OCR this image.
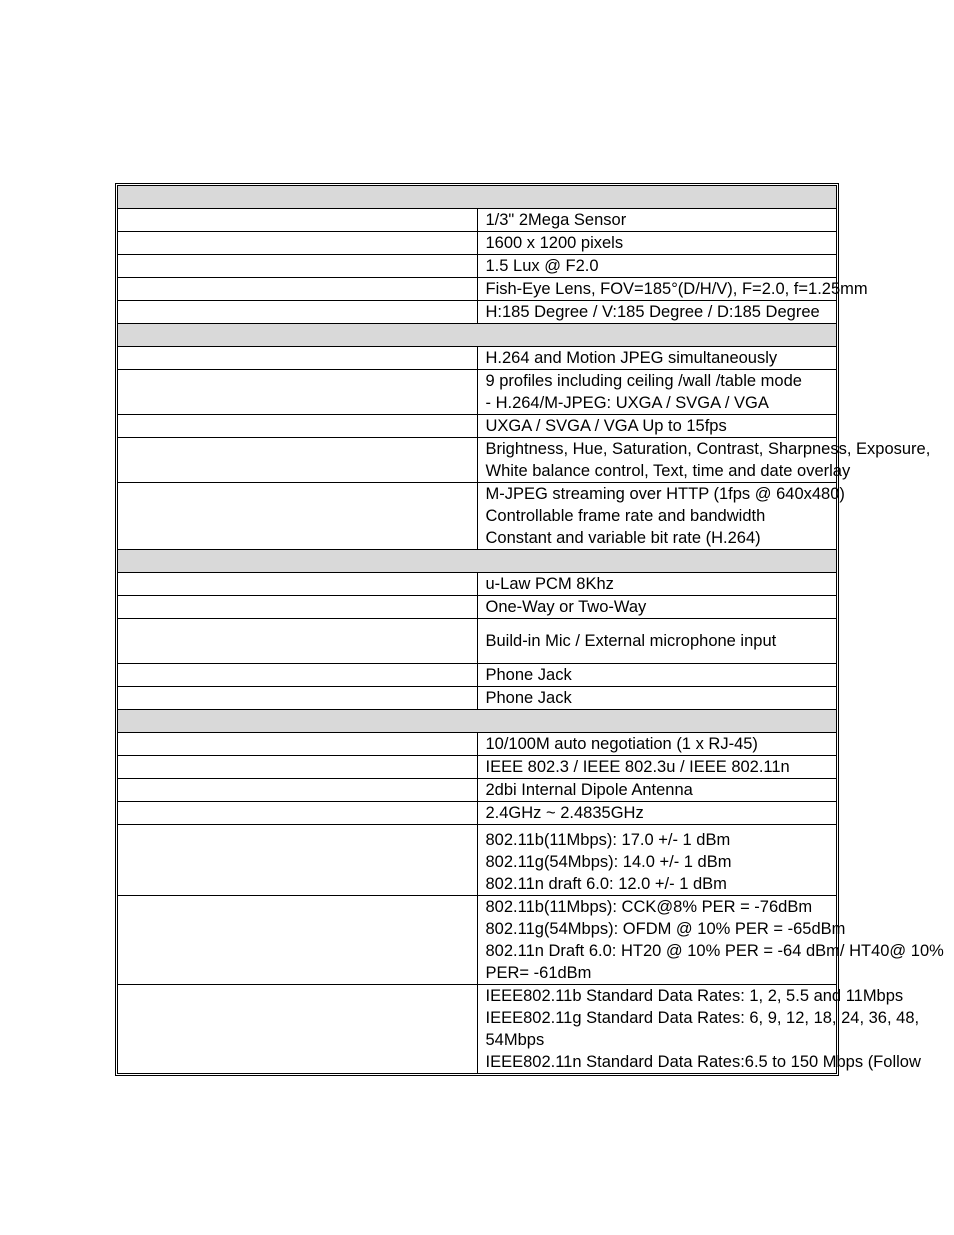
	1/3" 2Mega Sensor

	1600 x 1200 pixels

	1.5 Lux @ F2.0

	Fish-Eye Lens, FOV=185°(D/H/V), F=2.0, f=1.25mm

	H:185 Degree / V:185 Degree / D:185 Degree

	H.264 and Motion JPEG simultaneously

	9 profiles including ceiling /wall /table mode
- H.264/M-JPEG: UXGA / SVGA / VGA

	UXGA / SVGA / VGA Up to 15fps

	Brightness, Hue, Saturation, Contrast, Sharpness, Exposure,
White balance control, Text, time and date overlay

	M-JPEG streaming over HTTP (1fps @ 640x480)
Controllable frame rate and bandwidth
Constant and variable bit rate (H.264)

	u-Law PCM 8Khz

	One-Way or Two-Way

	Build-in Mic / External microphone input

	Phone Jack

	Phone Jack

	10/100M auto negotiation (1 x RJ-45)

	IEEE 802.3 / IEEE 802.3u / IEEE 802.11n

	2dbi Internal Dipole Antenna

	2.4GHz ~ 2.4835GHz

	802.11b(11Mbps): 17.0 +/- 1 dBm
802.11g(54Mbps): 14.0 +/- 1 dBm
802.11n draft 6.0: 12.0 +/- 1 dBm

	802.11b(11Mbps): CCK@8% PER = -76dBm
802.11g(54Mbps): OFDM @ 10% PER = -65dBm
802.11n Draft 6.0: HT20 @ 10% PER = -64 dBm/ HT40@ 10%
PER= -61dBm

	IEEE802.11b Standard Data Rates: 1, 2, 5.5 and 11Mbps
IEEE802.11g Standard Data Rates: 6, 9, 12, 18, 24, 36, 48,
54Mbps
IEEE802.11n Standard Data Rates:6.5 to 150 Mbps (Follow
